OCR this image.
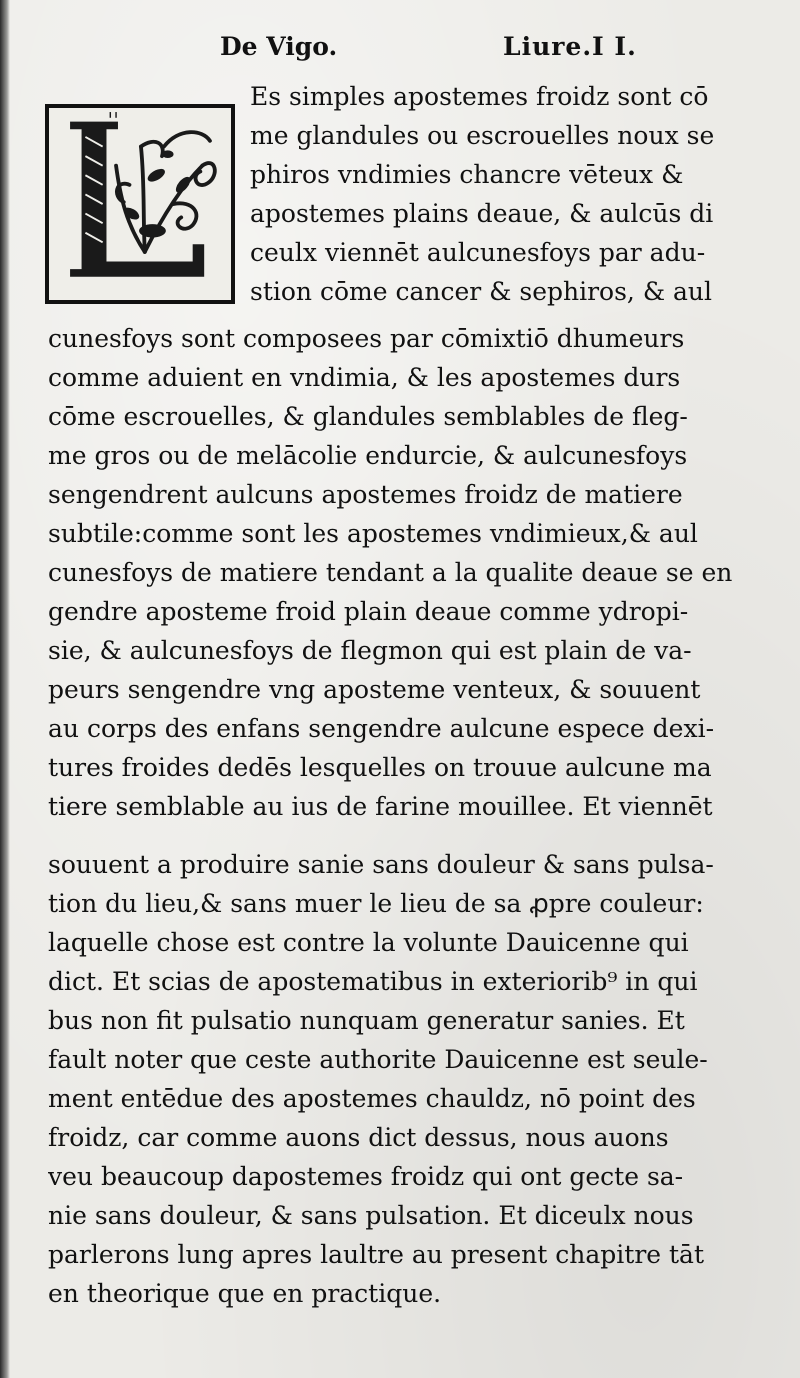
De Vigo.	Liure.I I.
Es simples apostemes froidz sont cō
me glandules ou escrouelles noux se
phiros vndimies chancre vēteux &
apostemes plains deaue, & aulcūs di
ceulx viennēt aulcunesfoys par adu-
stion cōme cancer & sephiros, & aul
cunesfoys sont composees par cōmixtiō dhumeurs
comme aduient en vndimia, & les apostemes durs
cōme escrouelles, & glandules semblables de fleg-
me gros ou de melācolie endurcie, & aulcunesfoys
sengendrent aulcuns apostemes froidz de matiere
subtile:comme sont les apostemes vndimieux,& aul
cunesfoys de matiere tendant a la qualite deaue se en
gendre aposteme froid plain deaue comme ydropi-
sie, & aulcunesfoys de flegmon qui est plain de va-
peurs sengendre vng aposteme venteux, & souuent
au corps des enfans sengendre aulcune espece dexi-
tures froides dedēs lesquelles on trouue aulcune ma
tiere semblable au ius de farine mouillee. Et viennēt
souuent a produire sanie sans douleur & sans pulsa-
tion du lieu,& sans muer le lieu de sa ꝓpre couleur:
laquelle chose est contre la volunte Dauicenne qui
dict. Et scias de apostematibus in exteriorib⁹ in qui
bus non fit pulsatio nunquam generatur sanies. Et
fault noter que ceste authorite Dauicenne est seule-
ment entēdue des apostemes chauldz, nō point des
froidz, car comme auons dict dessus, nous auons
veu beaucoup dapostemes froidz qui ont gecte sa-
nie sans douleur, & sans pulsation. Et diceulx nous
parlerons lung apres laultre au present chapitre tāt
en theorique que en practique.
